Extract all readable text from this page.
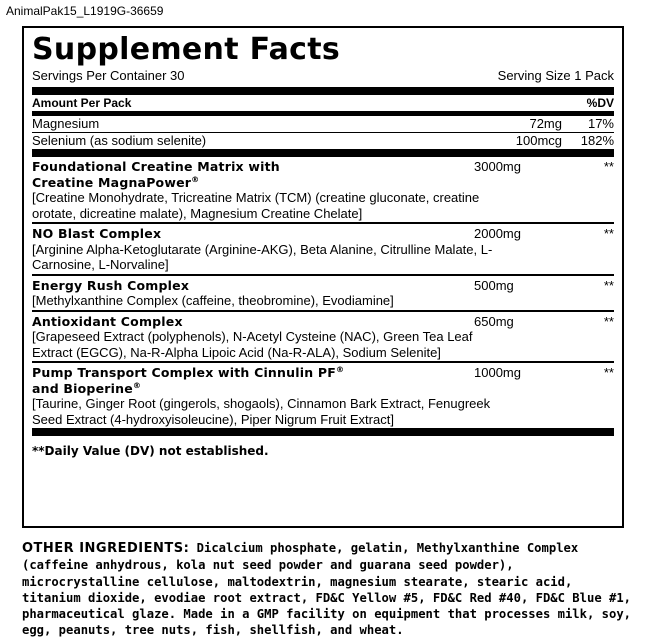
AnimalPak15_L1919G-36659
Supplement Facts
Servings Per Container 30	Serving Size 1 Pack
Amount Per Pack	%DV
Magnesium	72mg	17%
Selenium (as sodium selenite)	100mcg	182%
Foundational Creatine Matrix with
Creatine MagnaPower®
3000mg	**
[Creatine Monohydrate, Tricreatine Matrix (TCM) (creatine gluconate, creatine orotate, dicreatine malate), Magnesium Creatine Chelate]
NO Blast Complex	2000mg	**
[Arginine Alpha-Ketoglutarate (Arginine-AKG), Beta Alanine, Citrulline Malate, L-Carnosine, L-Norvaline]
Energy Rush Complex	500mg	**
[Methylxanthine Complex (caffeine, theobromine), Evodiamine]
Antioxidant Complex	650mg	**
[Grapeseed Extract (polyphenols), N-Acetyl Cysteine (NAC), Green Tea Leaf Extract (EGCG), Na-R-Alpha Lipoic Acid (Na-R-ALA), Sodium Selenite]
Pump Transport Complex with Cinnulin PF®
and Bioperine®
1000mg	**
[Taurine, Ginger Root (gingerols, shogaols), Cinnamon Bark Extract, Fenugreek Seed Extract (4-hydroxyisoleucine), Piper Nigrum Fruit Extract]
**Daily Value (DV) not established.
OTHER INGREDIENTS: Dicalcium phosphate, gelatin, Methylxanthine Complex (caffeine anhydrous, kola nut seed powder and guarana seed powder), microcrystalline cellulose, maltodextrin, magnesium stearate, stearic acid, titanium dioxide, evodiae root extract, FD&C Yellow #5, FD&C Red #40, FD&C Blue #1, pharmaceutical glaze. Made in a GMP facility on equipment that processes milk, soy, egg, peanuts, tree nuts, fish, shellfish, and wheat.
